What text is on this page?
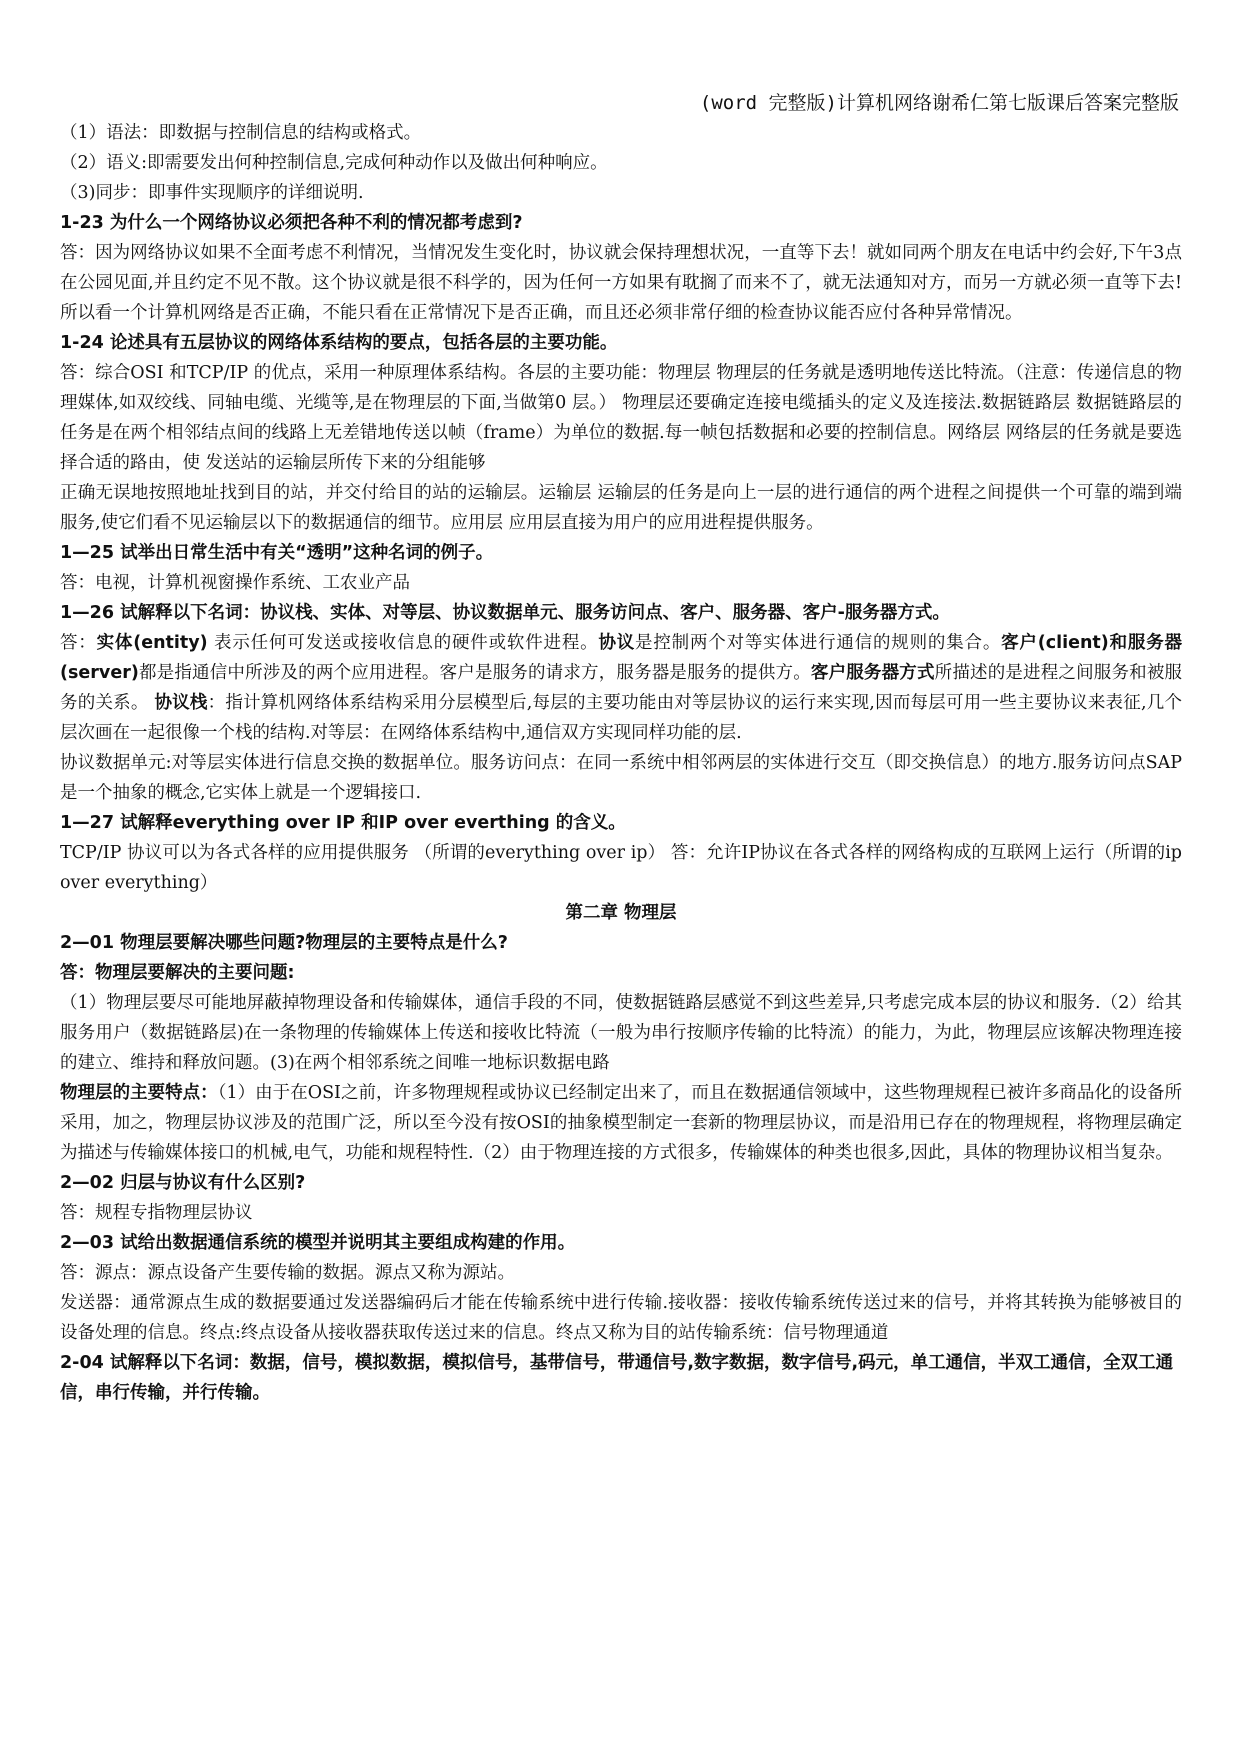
(word 完整版)计算机网络谢希仁第七版课后答案完整版

（1）语法：即数据与控制信息的结构或格式。

（2）语义:即需要发出何种控制信息,完成何种动作以及做出何种响应。

（3)同步：即事件实现顺序的详细说明.

1-23 为什么一个网络协议必须把各种不利的情况都考虑到?

答：因为网络协议如果不全面考虑不利情况，当情况发生变化时，协议就会保持理想状况，一直等下去！就如同两个朋友在电话中约会好,下午3点在公园见面,并且约定不见不散。这个协议就是很不科学的，因为任何一方如果有耽搁了而来不了，就无法通知对方，而另一方就必须一直等下去!所以看一个计算机网络是否正确，不能只看在正常情况下是否正确，而且还必须非常仔细的检查协议能否应付各种异常情况。

1-24 论述具有五层协议的网络体系结构的要点，包括各层的主要功能。

答：综合OSI 和TCP/IP 的优点，采用一种原理体系结构。各层的主要功能：物理层 物理层的任务就是透明地传送比特流。（注意：传递信息的物理媒体,如双绞线、同轴电缆、光缆等,是在物理层的下面,当做第0 层。） 物理层还要确定连接电缆插头的定义及连接法.数据链路层 数据链路层的任务是在两个相邻结点间的线路上无差错地传送以帧（frame）为单位的数据.每一帧包括数据和必要的控制信息。网络层 网络层的任务就是要选择合适的路由，使 发送站的运输层所传下来的分组能够

正确无误地按照地址找到目的站，并交付给目的站的运输层。运输层 运输层的任务是向上一层的进行通信的两个进程之间提供一个可靠的端到端服务,使它们看不见运输层以下的数据通信的细节。应用层 应用层直接为用户的应用进程提供服务。

1—25 试举出日常生活中有关“透明”这种名词的例子。

答：电视，计算机视窗操作系统、工农业产品

1—26 试解释以下名词：协议栈、实体、对等层、协议数据单元、服务访问点、客户、服务器、客户-服务器方式。

答：实体(entity) 表示任何可发送或接收信息的硬件或软件进程。协议是控制两个对等实体进行通信的规则的集合。客户(client)和服务器(server)都是指通信中所涉及的两个应用进程。客户是服务的请求方，服务器是服务的提供方。客户服务器方式所描述的是进程之间服务和被服务的关系。 协议栈：指计算机网络体系结构采用分层模型后,每层的主要功能由对等层协议的运行来实现,因而每层可用一些主要协议来表征,几个层次画在一起很像一个栈的结构.对等层：在网络体系结构中,通信双方实现同样功能的层.

协议数据单元:对等层实体进行信息交换的数据单位。服务访问点：在同一系统中相邻两层的实体进行交互（即交换信息）的地方.服务访问点SAP是一个抽象的概念,它实体上就是一个逻辑接口.

1—27 试解释everything over IP 和IP over everthing 的含义。

TCP/IP 协议可以为各式各样的应用提供服务 （所谓的everything over ip） 答：允许IP协议在各式各样的网络构成的互联网上运行（所谓的ip over everything）

第二章 物理层

2—01 物理层要解决哪些问题?物理层的主要特点是什么?

答：物理层要解决的主要问题:

（1）物理层要尽可能地屏蔽掉物理设备和传输媒体，通信手段的不同，使数据链路层感觉不到这些差异,只考虑完成本层的协议和服务.（2）给其服务用户（数据链路层)在一条物理的传输媒体上传送和接收比特流（一般为串行按顺序传输的比特流）的能力，为此，物理层应该解决物理连接的建立、维持和释放问题。(3)在两个相邻系统之间唯一地标识数据电路

物理层的主要特点：（1）由于在OSI之前，许多物理规程或协议已经制定出来了，而且在数据通信领域中，这些物理规程已被许多商品化的设备所采用，加之，物理层协议涉及的范围广泛，所以至今没有按OSI的抽象模型制定一套新的物理层协议，而是沿用已存在的物理规程，将物理层确定为描述与传输媒体接口的机械,电气，功能和规程特性.（2）由于物理连接的方式很多，传输媒体的种类也很多,因此，具体的物理协议相当复杂。

2—02 归层与协议有什么区别?

答：规程专指物理层协议

2—03 试给出数据通信系统的模型并说明其主要组成构建的作用。

答：源点：源点设备产生要传输的数据。源点又称为源站。

发送器：通常源点生成的数据要通过发送器编码后才能在传输系统中进行传输.接收器：接收传输系统传送过来的信号，并将其转换为能够被目的设备处理的信息。终点:终点设备从接收器获取传送过来的信息。终点又称为目的站传输系统：信号物理通道

2-04 试解释以下名词：数据，信号，模拟数据，模拟信号，基带信号，带通信号,数字数据，数字信号,码元，单工通信，半双工通信，全双工通信，串行传输，并行传输。
